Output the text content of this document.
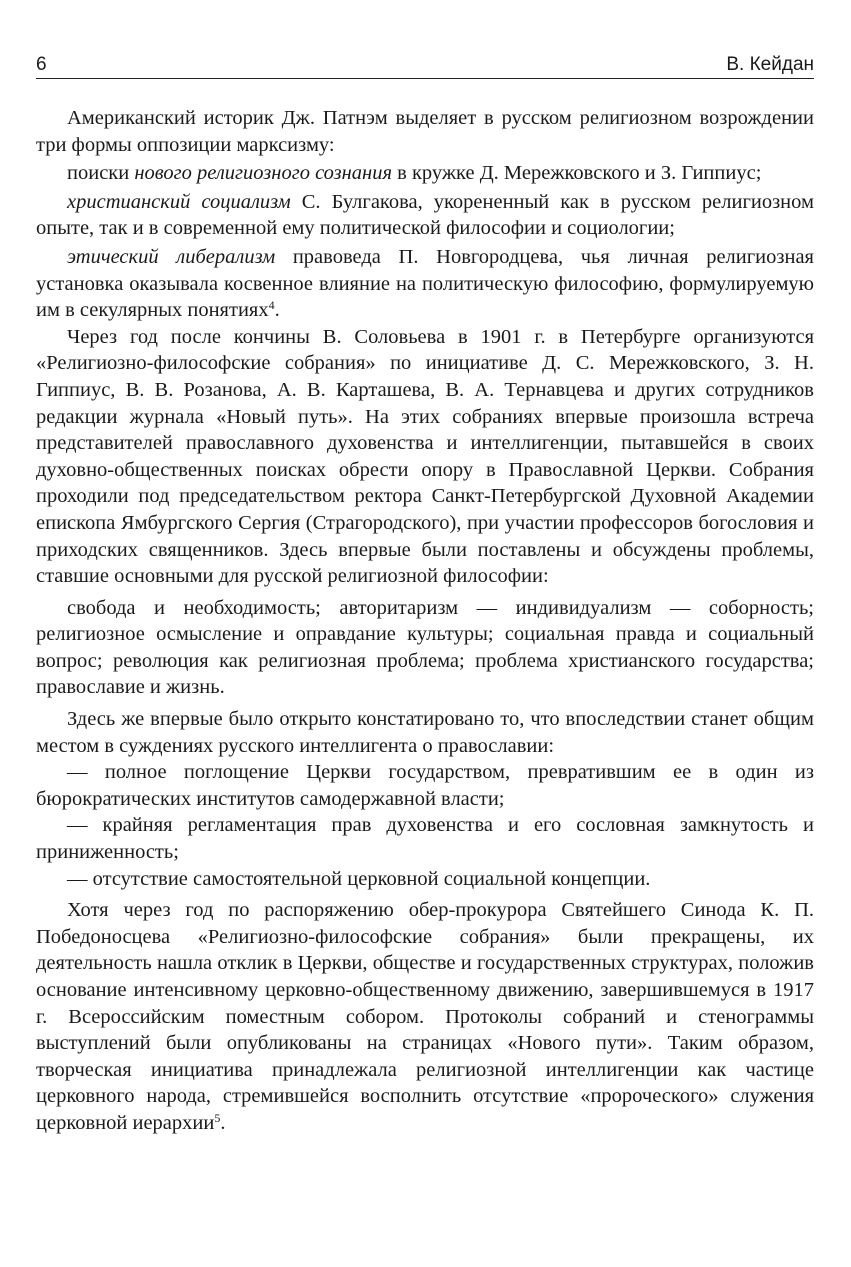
6	В. Кейдан

Американский историк Дж. Патнэм выделяет в русском религиозном возрождении три формы оппозиции марксизму:

поиски нового религиозного сознания в кружке Д. Мережковского и З. Гиппиус;

христианский социализм С. Булгакова, укорененный как в русском религиозном опыте, так и в современной ему политической философии и социологии;

этический либерализм правоведа П. Новгородцева, чья личная религиозная установка оказывала косвенное влияние на политическую философию, формулируемую им в секулярных понятиях$^4$.

Через год после кончины В. Соловьева в 1901 г. в Петербурге организуются «Религиозно-философские собрания» по инициативе Д. С. Мережковского, З. Н. Гиппиус, В. В. Розанова, А. В. Карташева, В. А. Тернавцева и других сотрудников редакции журнала «Новый путь». На этих собраниях впервые произошла встреча представителей православного духовенства и интеллигенции, пытавшейся в своих духовно-общественных поисках обрести опору в Православной Церкви. Собрания проходили под председательством ректора Санкт-Петербургской Духовной Академии епископа Ямбургского Сергия (Страгородского), при участии профессоров богословия и приходских священников. Здесь впервые были поставлены и обсуждены проблемы, ставшие основными для русской религиозной философии:

свобода и необходимость; авторитаризм — индивидуализм — соборность; религиозное осмысление и оправдание культуры; социальная правда и социальный вопрос; революция как религиозная проблема; проблема христианского государства; православие и жизнь.

Здесь же впервые было открыто констатировано то, что впоследствии станет общим местом в суждениях русского интеллигента о православии:

— полное поглощение Церкви государством, превратившим ее в один из бюрократических институтов самодержавной власти;

— крайняя регламентация прав духовенства и его сословная замкнутость и приниженность;

— отсутствие самостоятельной церковной социальной концепции.

Хотя через год по распоряжению обер-прокурора Святейшего Синода К. П. Победоносцева «Религиозно-философские собрания» были прекращены, их деятельность нашла отклик в Церкви, обществе и государственных структурах, положив основание интенсивному церковно-общественному движению, завершившемуся в 1917 г. Всероссийским поместным собором. Протоколы собраний и стенограммы выступлений были опубликованы на страницах «Нового пути». Таким образом, творческая инициатива принадлежала религиозной интеллигенции как частице церковного народа, стремившейся восполнить отсутствие «пророческого» служения церковной иерархии$^5$.
